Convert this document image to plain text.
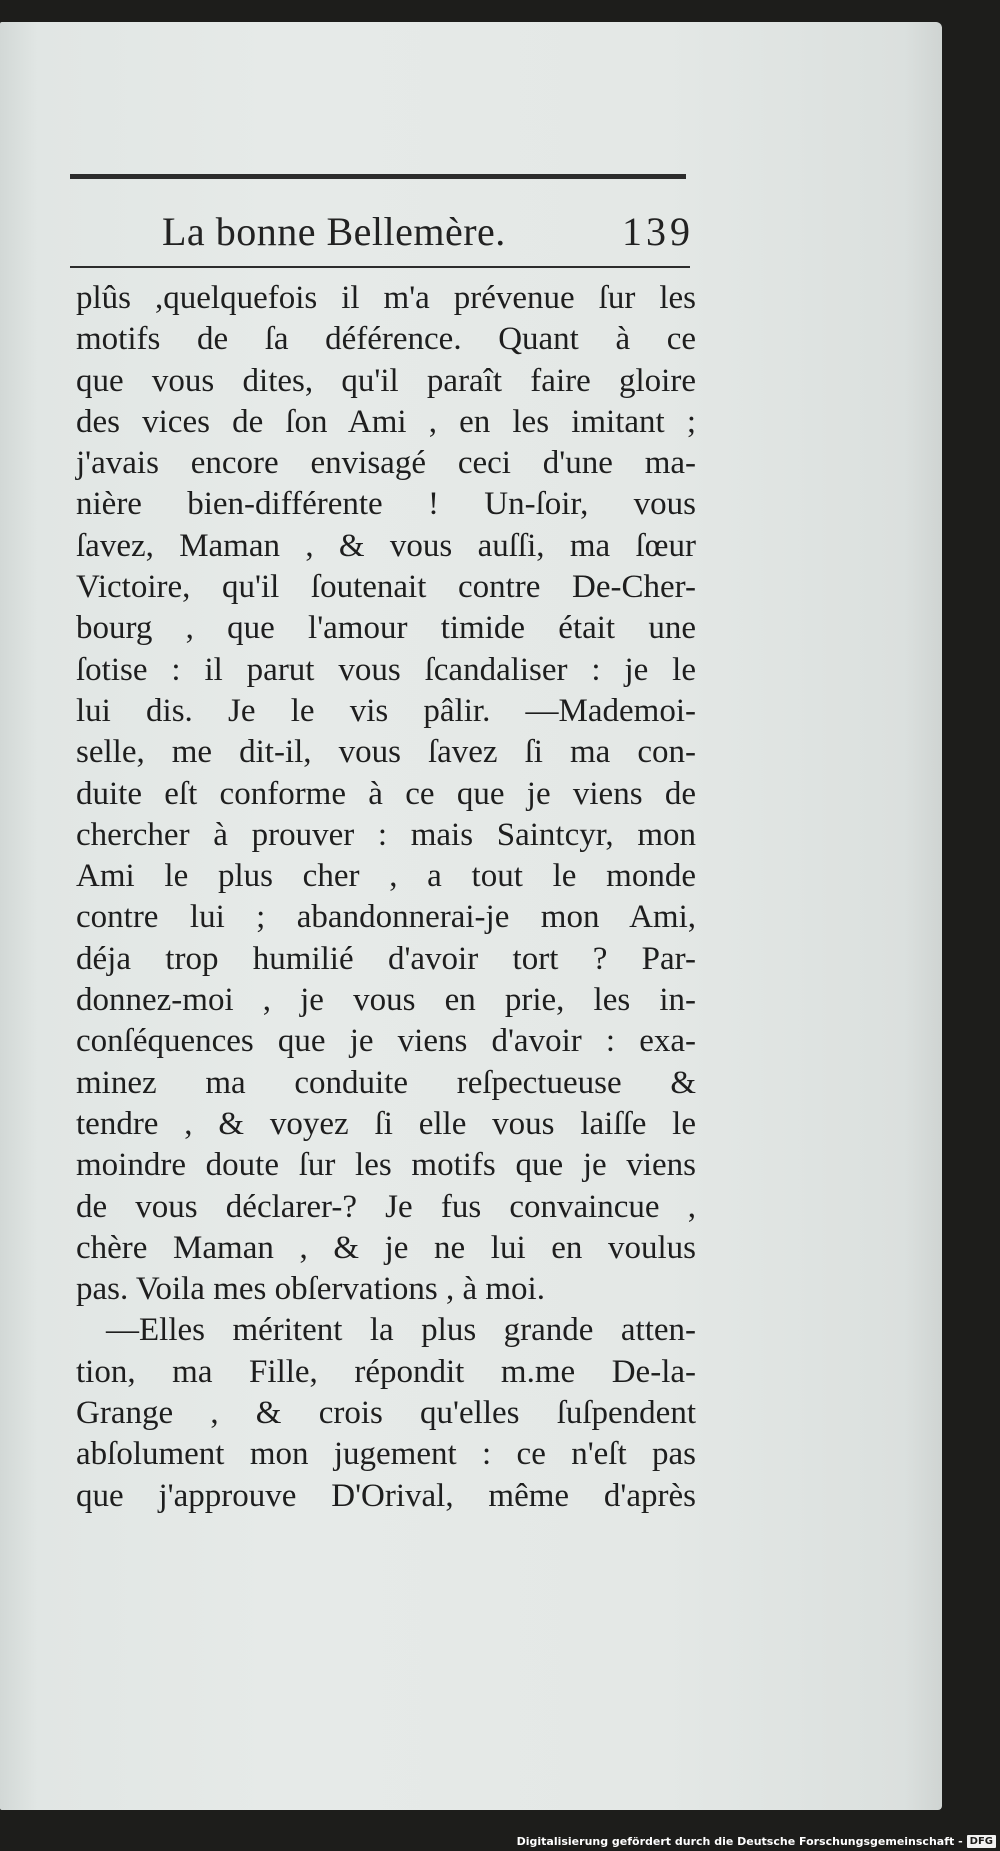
La bonne Bellemère.	139
plûs ,quelquefois il m'a prévenue ſur les
motifs de ſa déférence. Quant à ce
que vous dites, qu'il paraît faire gloire
des vices de ſon Ami , en les imitant ;
j'avais encore envisagé ceci d'une ma-
nière bien-différente ! Un-ſoir, vous
ſavez, Maman , & vous auſſi, ma ſœur
Victoire, qu'il ſoutenait contre De-Cher-
bourg , que l'amour timide était une
ſotise : il parut vous ſcandaliser : je le
lui dis. Je le vis pâlir. —Mademoi-
selle, me dit-il, vous ſavez ſi ma con-
duite eſt conforme à ce que je viens de
chercher à prouver : mais Saintcyr, mon
Ami le plus cher , a tout le monde
contre lui ; abandonnerai-je mon Ami,
déja trop humilié d'avoir tort ? Par-
donnez-moi , je vous en prie, les in-
conſéquences que je viens d'avoir : exa-
minez ma conduite reſpectueuse &
tendre , & voyez ſi elle vous laiſſe le
moindre doute ſur les motifs que je viens
de vous déclarer-? Je fus convaincue ,
chère Maman , & je ne lui en voulus
pas. Voila mes obſervations , à moi.
—Elles méritent la plus grande atten-
tion, ma Fille, répondit m.me De-la-
Grange , & crois qu'elles ſuſpendent
abſolument mon jugement : ce n'eſt pas
que j'approuve D'Orival, même d'après
Digitalisierung gefördert durch die Deutsche Forschungsgemeinschaft - DFG
